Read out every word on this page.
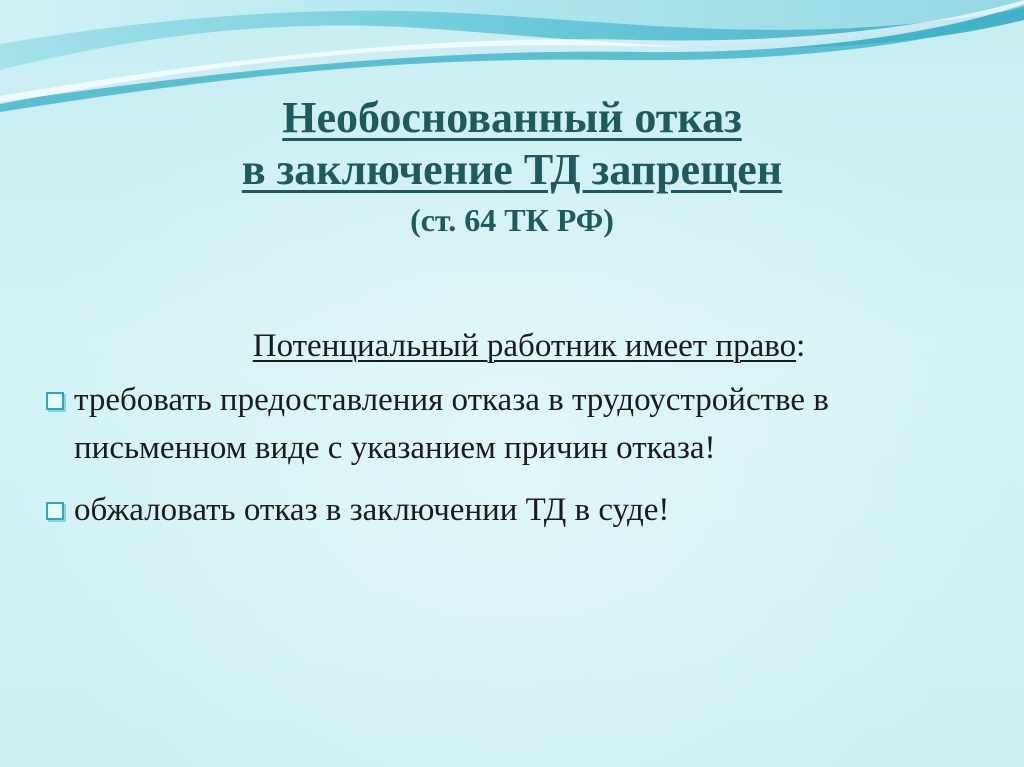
Необоснованный отказ
в заключение ТД запрещен
(ст. 64 ТК РФ)
Потенциальный работник имеет право:
требовать предоставления отказа в трудоустройстве в письменном виде с указанием причин отказа!
обжаловать отказ в заключении ТД в суде!
